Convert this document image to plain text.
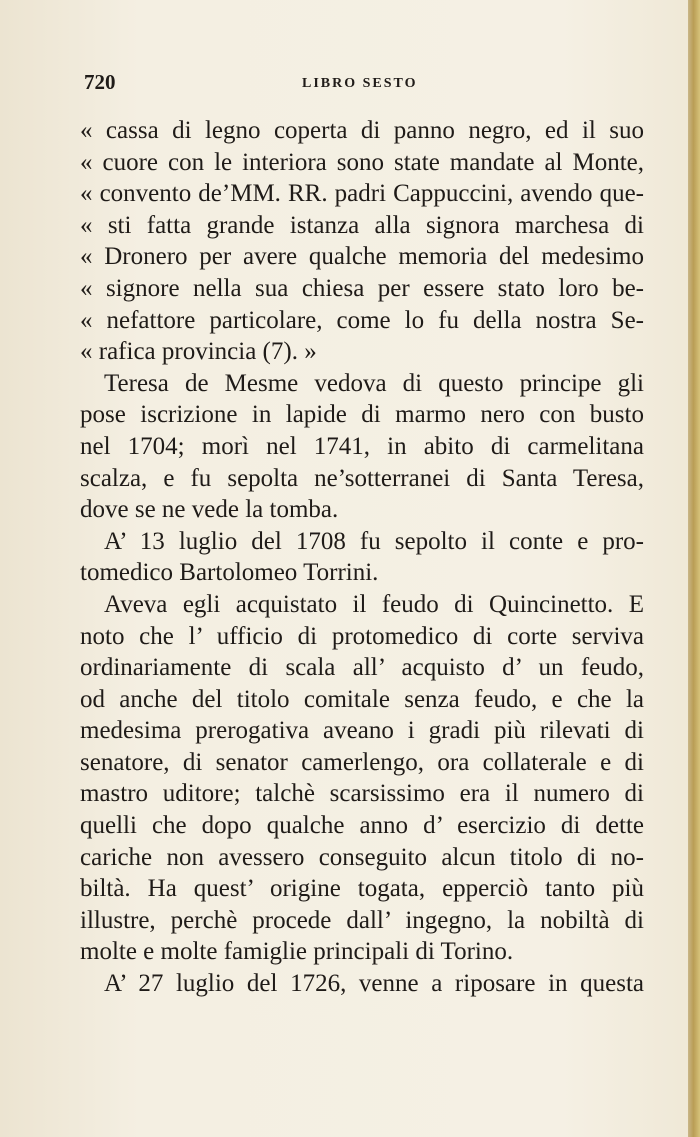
720	LIBRO SESTO
« cassa di legno coperta di panno negro, ed il suo
« cuore con le interiora sono state mandate al Monte,
« convento de’MM. RR. padri Cappuccini, avendo que-
« sti fatta grande istanza alla signora marchesa di
« Dronero per avere qualche memoria del medesimo
« signore nella sua chiesa per essere stato loro be-
« nefattore particolare, come lo fu della nostra Se-
« rafica provincia (7). »
Teresa de Mesme vedova di questo principe gli
pose iscrizione in lapide di marmo nero con busto
nel 1704; morì nel 1741, in abito di carmelitana
scalza, e fu sepolta ne’sotterranei di Santa Teresa,
dove se ne vede la tomba.
A’ 13 luglio del 1708 fu sepolto il conte e pro-
tomedico Bartolomeo Torrini.
Aveva egli acquistato il feudo di Quincinetto. E
noto che l’ ufficio di protomedico di corte serviva
ordinariamente di scala all’ acquisto d’ un feudo,
od anche del titolo comitale senza feudo, e che la
medesima prerogativa aveano i gradi più rilevati di
senatore, di senator camerlengo, ora collaterale e di
mastro uditore; talchè scarsissimo era il numero di
quelli che dopo qualche anno d’ esercizio di dette
cariche non avessero conseguito alcun titolo di no-
biltà. Ha quest’ origine togata, epperciò tanto più
illustre, perchè procede dall’ ingegno, la nobiltà di
molte e molte famiglie principali di Torino.
A’ 27 luglio del 1726, venne a riposare in questa
